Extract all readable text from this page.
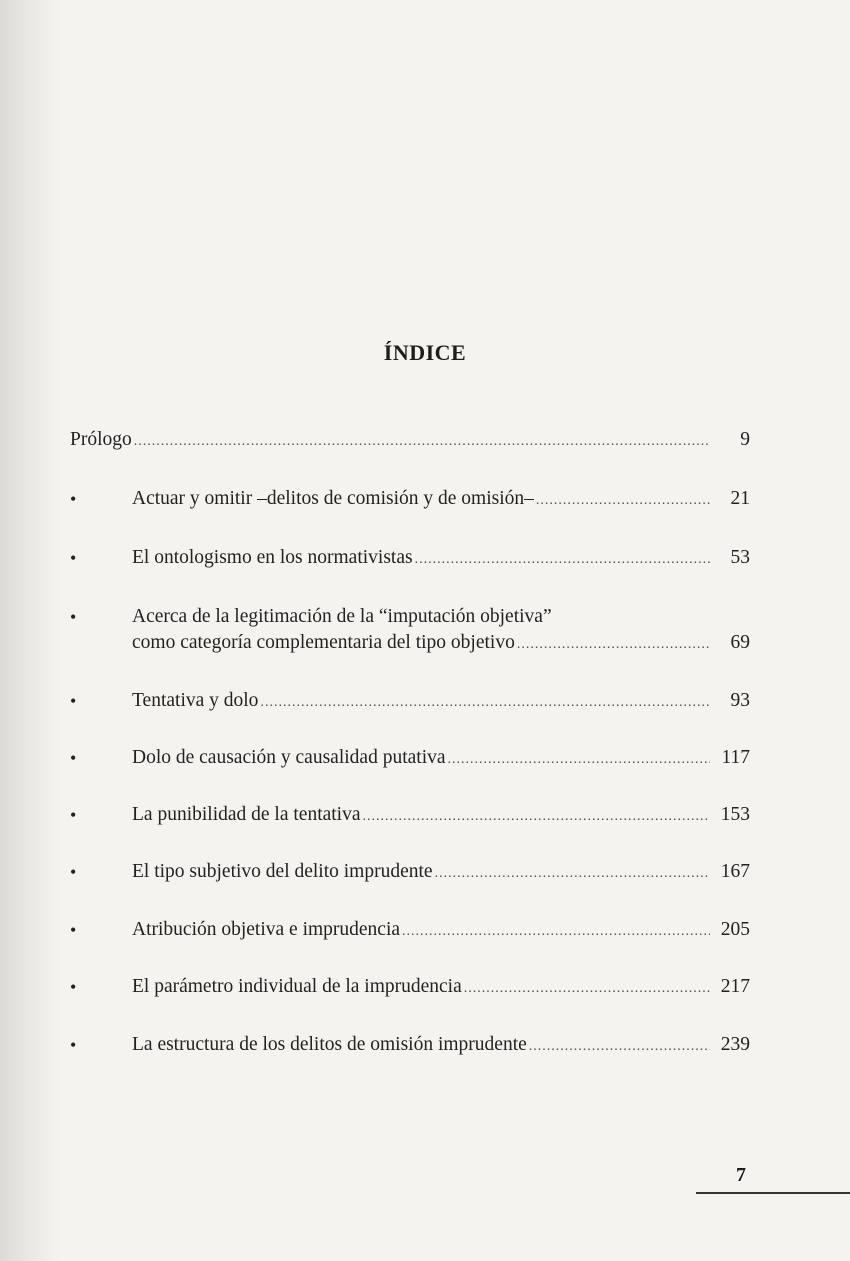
ÍNDICE
Prólogo .....	9
•	Actuar y omitir –delitos de comisión y de omisión– .....	21
•	El ontologismo en los normativistas .....	53
•	Acerca de la legitimación de la “imputación objetiva”
como categoría complementaria del tipo objetivo .....	69
•	Tentativa y dolo .....	93
•	Dolo de causación y causalidad putativa .....	117
•	La punibilidad de la tentativa .....	153
•	El tipo subjetivo del delito imprudente .....	167
•	Atribución objetiva e imprudencia .....	205
•	El parámetro individual de la imprudencia .....	217
•	La estructura de los delitos de omisión imprudente .....	239
7
